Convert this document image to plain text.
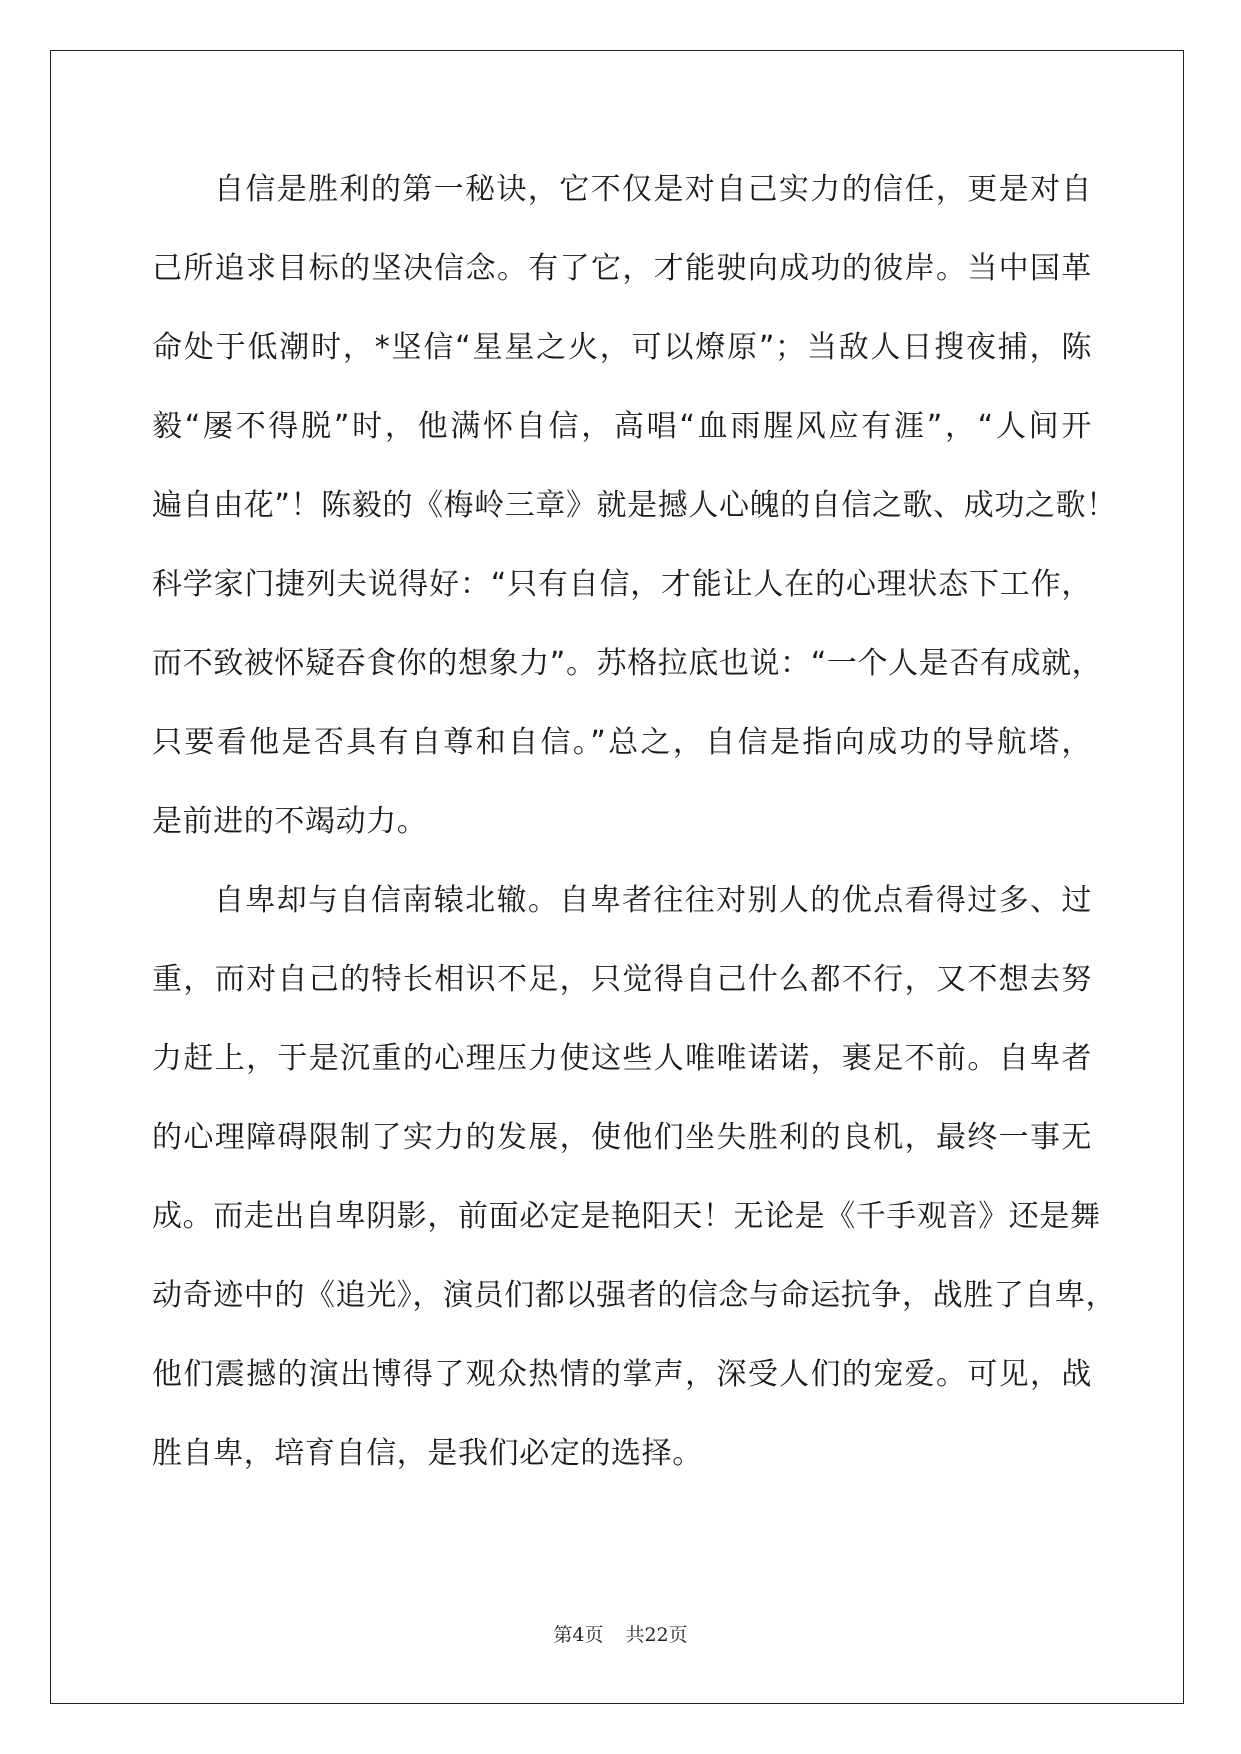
自信是胜利的第一秘诀，它不仅是对自己实力的信任，更是对自
己所追求目标的坚决信念。有了它，才能驶向成功的彼岸。当中国革
命处于低潮时，*坚信“星星之火，可以燎原”；当敌人日搜夜捕，陈
毅“屡不得脱”时，他满怀自信，高唱“血雨腥风应有涯”，“人间开
遍自由花”！陈毅的《梅岭三章》就是撼人心魄的自信之歌、成功之歌！
科学家门捷列夫说得好：“只有自信，才能让人在的心理状态下工作，
而不致被怀疑吞食你的想象力”。苏格拉底也说：“一个人是否有成就，
只要看他是否具有自尊和自信。”总之，自信是指向成功的导航塔，
是前进的不竭动力。
自卑却与自信南辕北辙。自卑者往往对别人的优点看得过多、过
重，而对自己的特长相识不足，只觉得自己什么都不行，又不想去努
力赶上，于是沉重的心理压力使这些人唯唯诺诺，裹足不前。自卑者
的心理障碍限制了实力的发展，使他们坐失胜利的良机，最终一事无
成。而走出自卑阴影，前面必定是艳阳天！无论是《千手观音》还是舞
动奇迹中的《追光》，演员们都以强者的信念与命运抗争，战胜了自卑，
他们震撼的演出博得了观众热情的掌声，深受人们的宠爱。可见，战
胜自卑，培育自信，是我们必定的选择。
第4页 共22页
